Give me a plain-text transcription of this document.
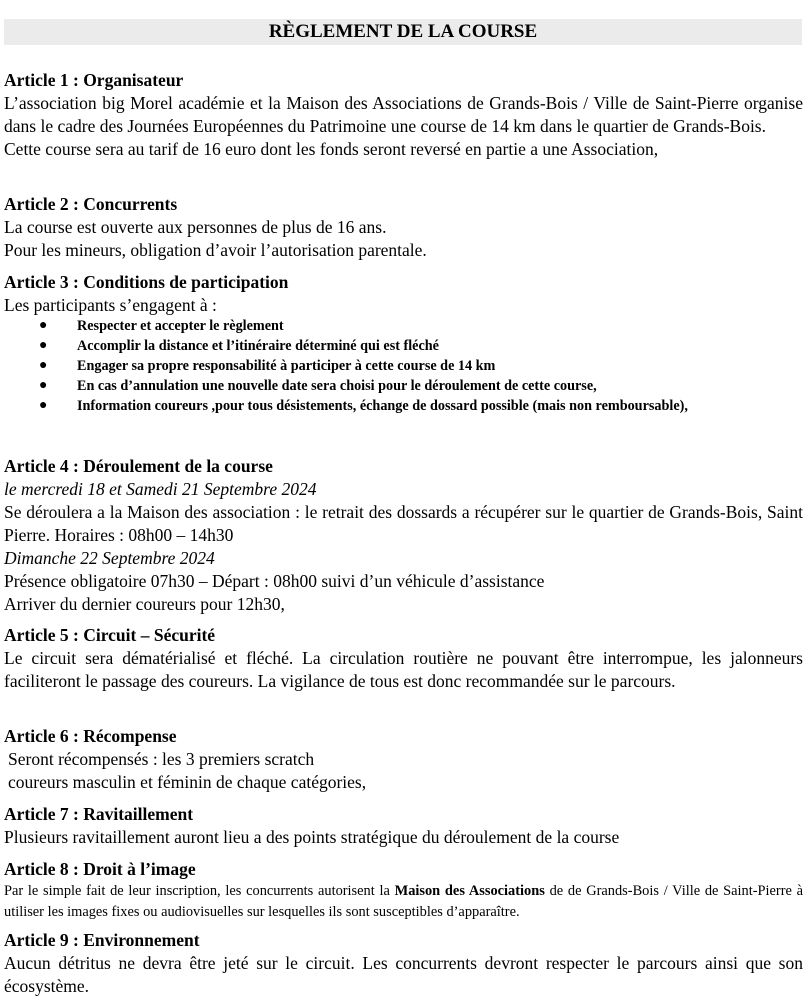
RÈGLEMENT DE LA COURSE
Article 1 : Organisateur
L’association big Morel académie et la Maison des Associations de Grands-Bois / Ville de Saint-Pierre organise dans le cadre des Journées Européennes du Patrimoine une course de 14 km dans le quartier de Grands-Bois.
Cette course sera au tarif de 16 euro dont les fonds seront reversé en partie a une Association,
Article 2 : Concurrents
La course est ouverte aux personnes de plus de 16 ans.
Pour les mineurs, obligation d’avoir l’autorisation parentale.
Article 3 : Conditions de participation
Les participants s’engagent à :
● Respecter et accepter le règlement
● Accomplir la distance et l’itinéraire déterminé qui est fléché
● Engager sa propre responsabilité à participer à cette course de 14 km
● En cas d’annulation une nouvelle date sera choisi pour le déroulement de cette course,
● Information coureurs ,pour tous désistements, échange de dossard possible (mais non remboursable),
Article 4 : Déroulement de la course
le mercredi 18 et Samedi 21 Septembre 2024
Se déroulera a la Maison des association : le retrait des dossards a récupérer sur le quartier de Grands-Bois, Saint Pierre. Horaires : 08h00 – 14h30
Dimanche 22 Septembre 2024
Présence obligatoire 07h30 – Départ : 08h00 suivi d’un véhicule d’assistance
Arriver du dernier coureurs pour 12h30,
Article 5 : Circuit – Sécurité
Le circuit sera dématérialisé et fléché. La circulation routière ne pouvant être interrompue, les jalonneurs faciliteront le passage des coureurs. La vigilance de tous est donc recommandée sur le parcours.
Article 6 : Récompense
Seront récompensés : les 3 premiers scratch
coureurs masculin et féminin de chaque catégories,
Article 7 : Ravitaillement
Plusieurs ravitaillement auront lieu a des points stratégique du déroulement de la course
Article 8 : Droit à l’image
Par le simple fait de leur inscription, les concurrents autorisent la Maison des Associations de de Grands-Bois / Ville de Saint-Pierre à utiliser les images fixes ou audiovisuelles sur lesquelles ils sont susceptibles d’apparaître.
Article 9 : Environnement
Aucun détritus ne devra être jeté sur le circuit. Les concurrents devront respecter le parcours ainsi que son écosystème.
